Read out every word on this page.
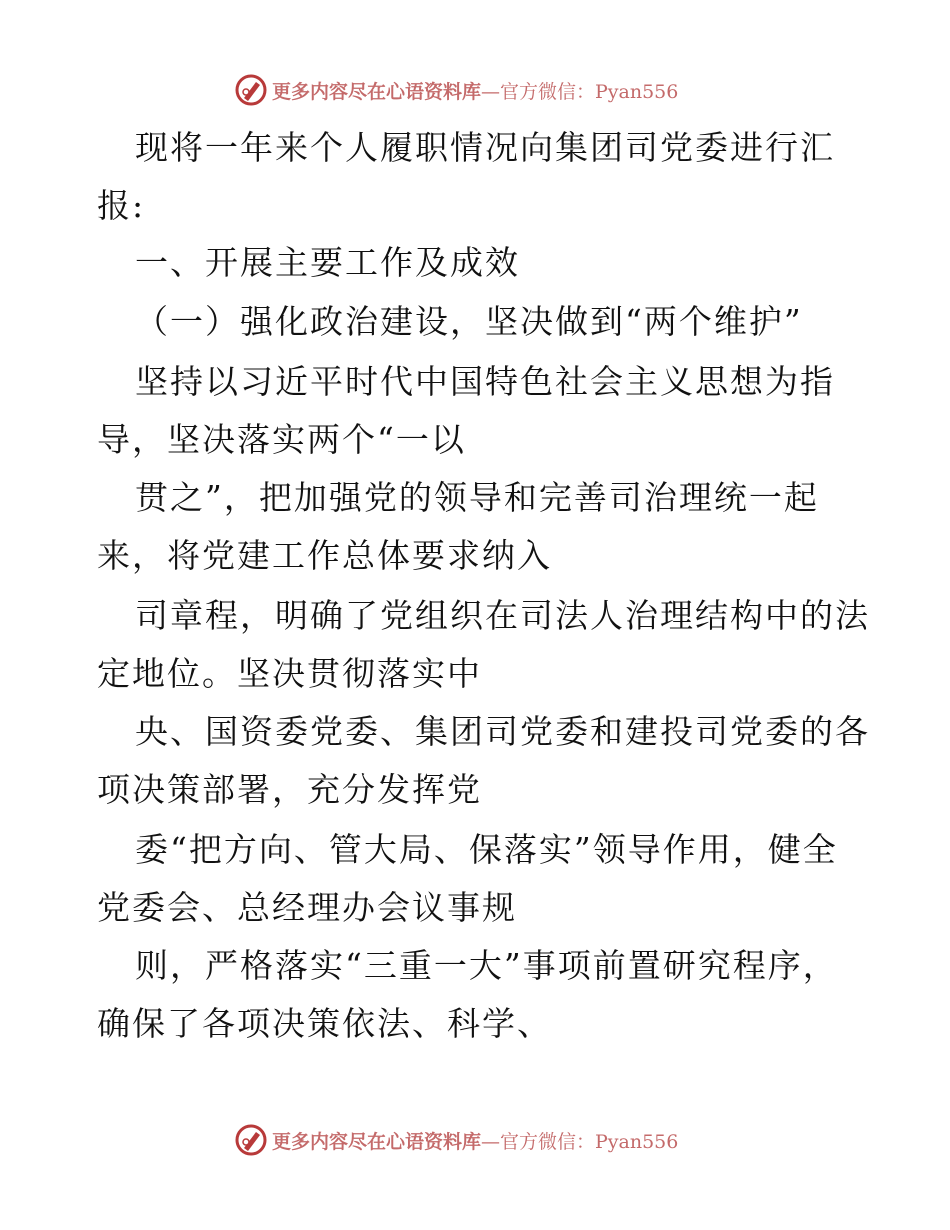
更多内容尽在心语资料库—官方微信：Pyan556
现将一年来个人履职情况向集团司党委进行汇
报:
一、开展主要工作及成效
（一）强化政治建设，坚决做到“两个维护”
坚持以习近平时代中国特色社会主义思想为指
导，坚决落实两个“一以
贯之”，把加强党的领导和完善司治理统一起
来，将党建工作总体要求纳入
司章程，明确了党组织在司法人治理结构中的法
定地位。坚决贯彻落实中
央、国资委党委、集团司党委和建投司党委的各
项决策部署，充分发挥党
委“把方向、管大局、保落实”领导作用，健全
党委会、总经理办会议事规
则，严格落实“三重一大”事项前置研究程序，
确保了各项决策依法、科学、
更多内容尽在心语资料库—官方微信：Pyan556
